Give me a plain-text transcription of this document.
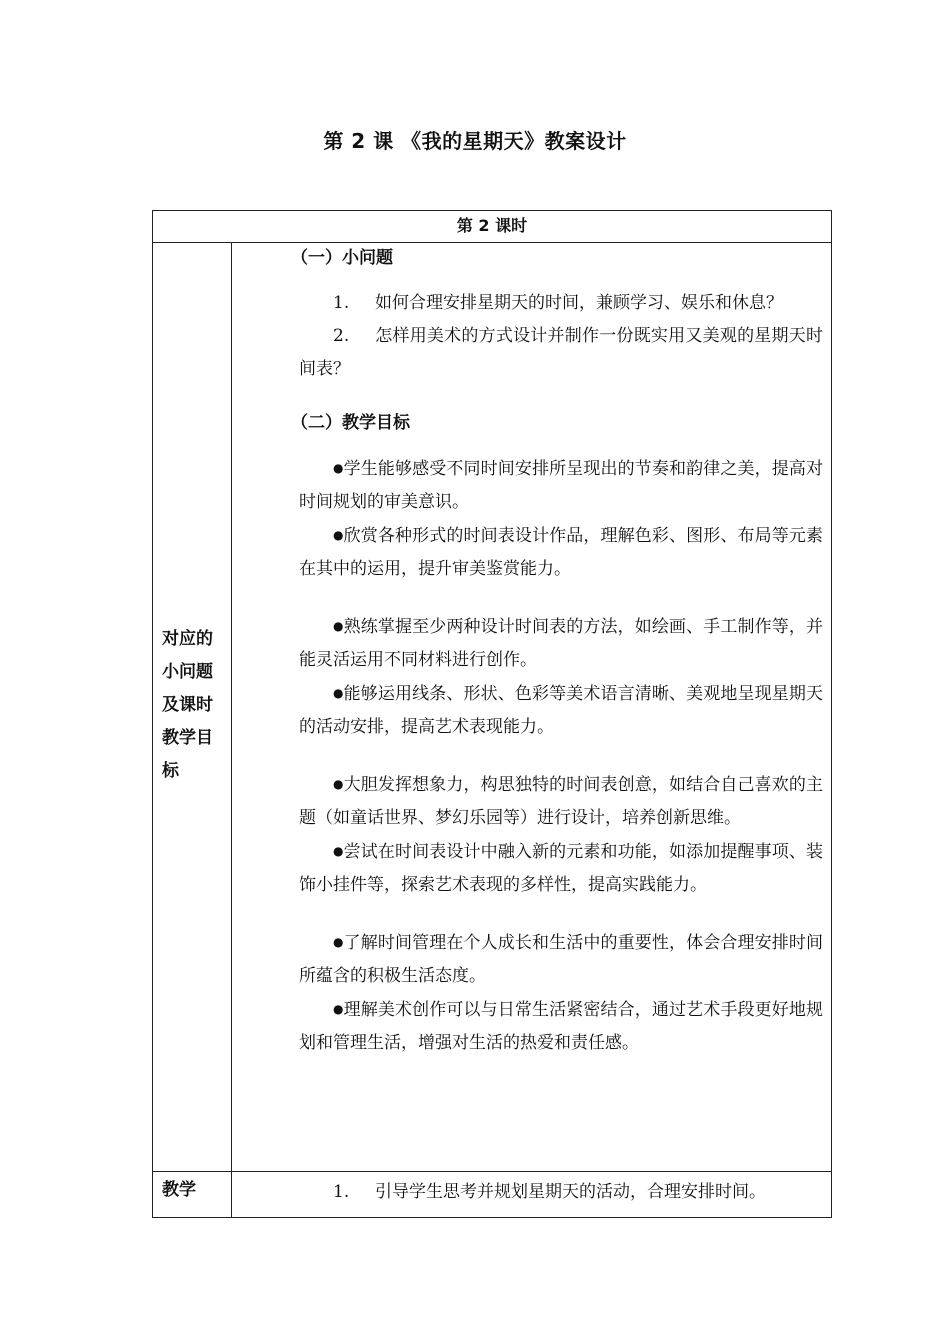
第 2 课 《我的星期天》教案设计
第 2 课时
对应的小问题及课时教学目标
（一）小问题

1. 如何合理安排星期天的时间，兼顾学习、娱乐和休息？

2. 怎样用美术的方式设计并制作一份既实用又美观的星期天时间表？

（二）教学目标

●学生能够感受不同时间安排所呈现出的节奏和韵律之美，提高对时间规划的审美意识。

●欣赏各种形式的时间表设计作品，理解色彩、图形、布局等元素在其中的运用，提升审美鉴赏能力。

●熟练掌握至少两种设计时间表的方法，如绘画、手工制作等，并能灵活运用不同材料进行创作。

●能够运用线条、形状、色彩等美术语言清晰、美观地呈现星期天的活动安排，提高艺术表现能力。

●大胆发挥想象力，构思独特的时间表创意，如结合自己喜欢的主题（如童话世界、梦幻乐园等）进行设计，培养创新思维。

●尝试在时间表设计中融入新的元素和功能，如添加提醒事项、装饰小挂件等，探索艺术表现的多样性，提高实践能力。

●了解时间管理在个人成长和生活中的重要性，体会合理安排时间所蕴含的积极生活态度。

●理解美术创作可以与日常生活紧密结合，通过艺术手段更好地规划和管理生活，增强对生活的热爱和责任感。

教学	1. 引导学生思考并规划星期天的活动，合理安排时间。
